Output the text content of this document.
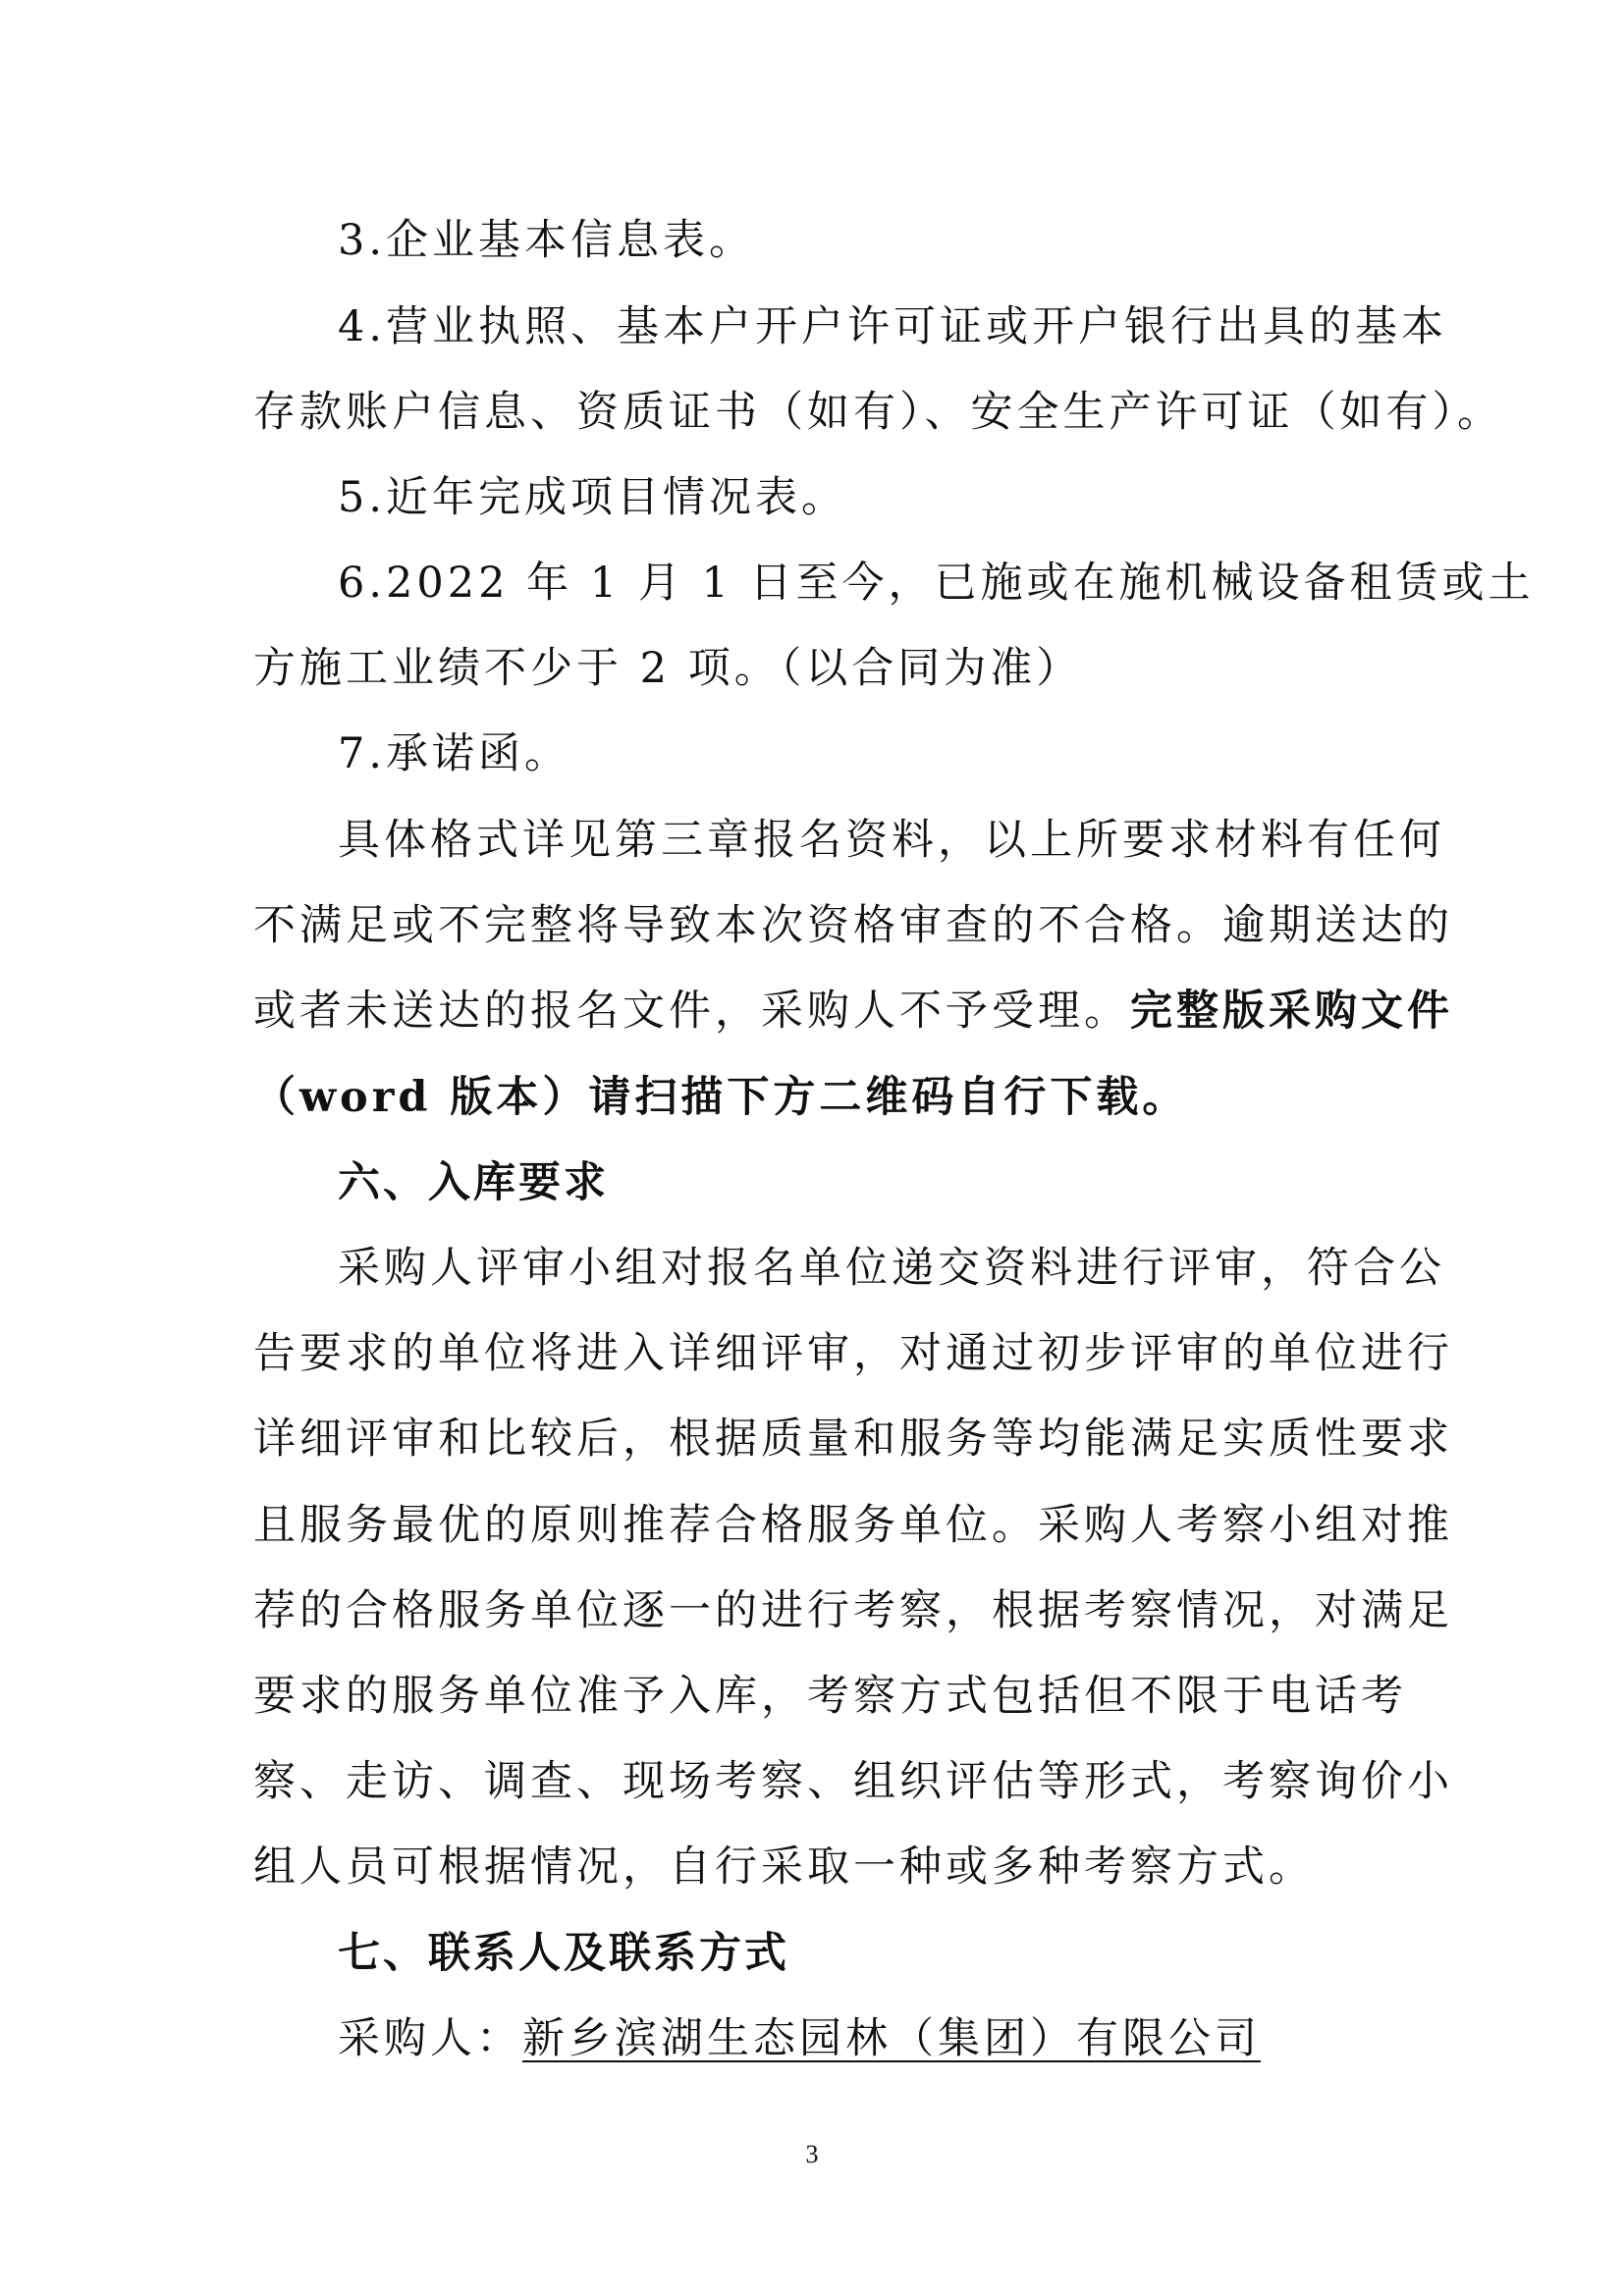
3.企业基本信息表。
4.营业执照、基本户开户许可证或开户银行出具的基本
存款账户信息、资质证书（如有）、安全生产许可证（如有）。
5.近年完成项目情况表。
6.2022 年 1 月 1 日至今，已施或在施机械设备租赁或土
方施工业绩不少于 2 项。（以合同为准）
7.承诺函。
具体格式详见第三章报名资料，以上所要求材料有任何
不满足或不完整将导致本次资格审查的不合格。逾期送达的
或者未送达的报名文件，采购人不予受理。完整版采购文件
（word 版本）请扫描下方二维码自行下载。
六、入库要求
采购人评审小组对报名单位递交资料进行评审，符合公
告要求的单位将进入详细评审，对通过初步评审的单位进行
详细评审和比较后，根据质量和服务等均能满足实质性要求
且服务最优的原则推荐合格服务单位。采购人考察小组对推
荐的合格服务单位逐一的进行考察，根据考察情况，对满足
要求的服务单位准予入库，考察方式包括但不限于电话考
察、走访、调查、现场考察、组织评估等形式，考察询价小
组人员可根据情况，自行采取一种或多种考察方式。
七、联系人及联系方式
采购人：新乡滨湖生态园林（集团）有限公司
3
